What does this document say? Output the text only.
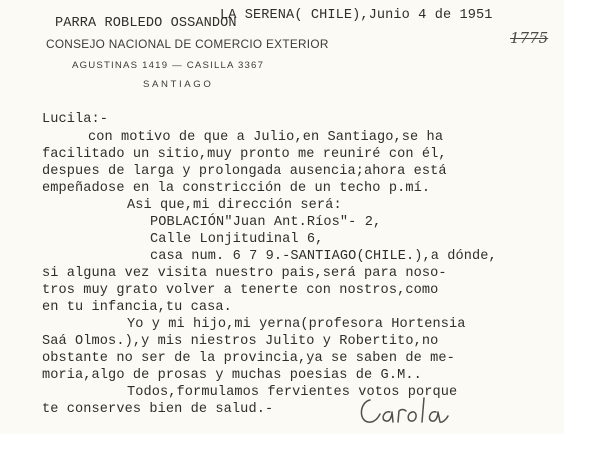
PARRA ROBLEDO OSSANDON
CONSEJO NACIONAL DE COMERCIO EXTERIOR
AGUSTINAS 1419 — CASILLA 3367
SANTIAGO
LA SERENA( CHILE),Junio 4 de 1951
1775
Lucila:-
con motivo de que a Julio,en Santiago,se ha
facilitado un sitio,muy pronto me reuniré con él,
despues de larga y prolongada ausencia;ahora está
empeñadose en la constricción de un techo p.mí.
Asi que,mi dirección será:
POBLACIÓN"Juan Ant.Ríos"- 2,
Calle Lonjitudinal 6,
casa num. 6 7 9.-SANTIAGO(CHILE.),a dónde,
si alguna vez visita nuestro pais,será para noso-
tros muy grato volver a tenerte con nostros,como
en tu infancia,tu casa.
Yo y mi hijo,mi yerna(profesora Hortensia
Saá Olmos.),y mis niestros Julito y Robertito,no
obstante no ser de la provincia,ya se saben de me-
moria,algo de prosas y muchas poesias de G.M..
Todos,formulamos fervientes votos porque
te conserves bien de salud.-
